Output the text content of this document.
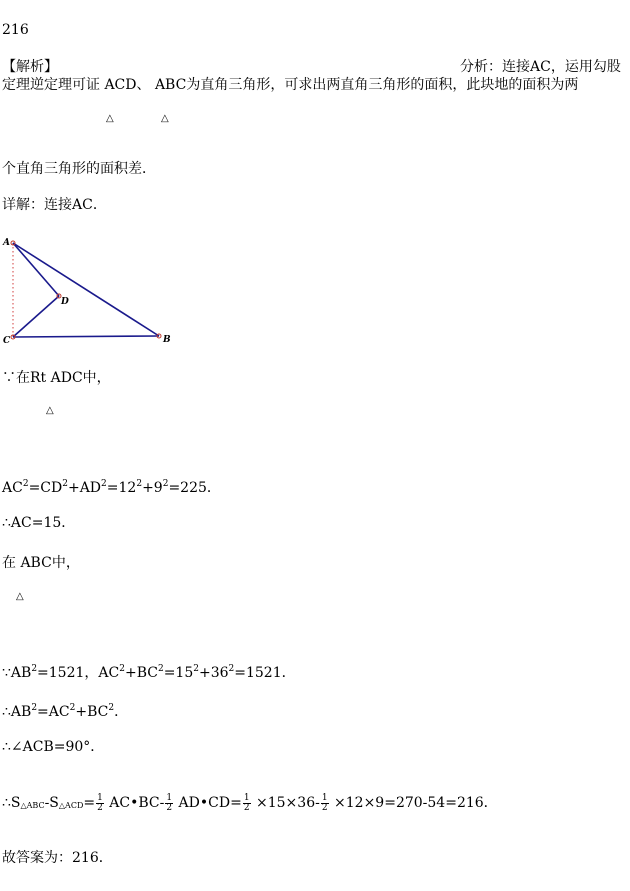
216
【解析】	分析：连接AC，运用勾股
定理逆定理可证 ACD、 ABC为直角三角形，可求出两直角三角形的面积，此块地的面积为两
△	△
个直角三角形的面积差．
详解：连接AC．
A
D
C	B
∵在Rt ADC中，
△
$AC^2=CD^2+AD^2=12^2+9^2=225$．
∴AC=15．
在 ABC中，
△
$\because AB^2=1521$，$AC^2+BC^2=15^2+36^2=1521$．
$\therefore AB^2=AC^2+BC^2$．
∴∠ACB=90°．
∴S△ABC-S△ACD= $\frac{1}{2}$ AC•BC- $\frac{1}{2}$ AD•CD= $\frac{1}{2} \times 15\times 36- \frac{1}{2} \times 12\times 9=270-54=216$．
故答案为：216．
